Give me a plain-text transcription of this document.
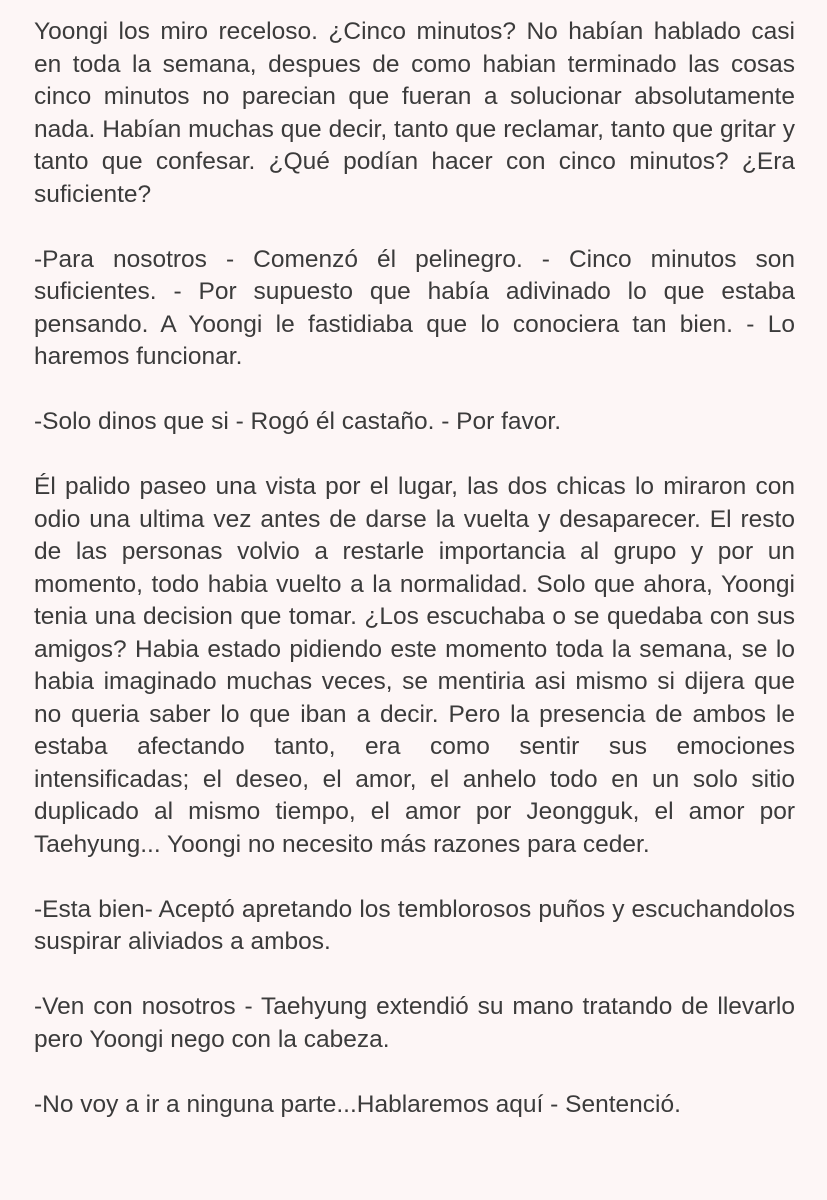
Yoongi los miro receloso. ¿Cinco minutos? No habían hablado casi en toda la semana, despues de como habian terminado las cosas cinco minutos no parecian que fueran a solucionar absolutamente nada. Habían muchas que decir, tanto que reclamar, tanto que gritar y tanto que confesar. ¿Qué podían hacer con cinco minutos? ¿Era suficiente?

-Para nosotros - Comenzó él pelinegro. - Cinco minutos son suficientes. - Por supuesto que había adivinado lo que estaba pensando. A Yoongi le fastidiaba que lo conociera tan bien. - Lo haremos funcionar.

-Solo dinos que si - Rogó él castaño. - Por favor.

Él palido paseo una vista por el lugar, las dos chicas lo miraron con odio una ultima vez antes de darse la vuelta y desaparecer. El resto de las personas volvio a restarle importancia al grupo y por un momento, todo habia vuelto a la normalidad. Solo que ahora, Yoongi tenia una decision que tomar. ¿Los escuchaba o se quedaba con sus amigos? Habia estado pidiendo este momento toda la semana, se lo habia imaginado muchas veces, se mentiria asi mismo si dijera que no queria saber lo que iban a decir. Pero la presencia de ambos le estaba afectando tanto, era como sentir sus emociones intensificadas; el deseo, el amor, el anhelo todo en un solo sitio duplicado al mismo tiempo, el amor por Jeongguk, el amor por Taehyung... Yoongi no necesito más razones para ceder.

-Esta bien- Aceptó apretando los temblorosos puños y escuchandolos suspirar aliviados a ambos.

-Ven con nosotros - Taehyung extendió su mano tratando de llevarlo pero Yoongi nego con la cabeza.

-No voy a ir a ninguna parte...Hablaremos aquí - Sentenció.
